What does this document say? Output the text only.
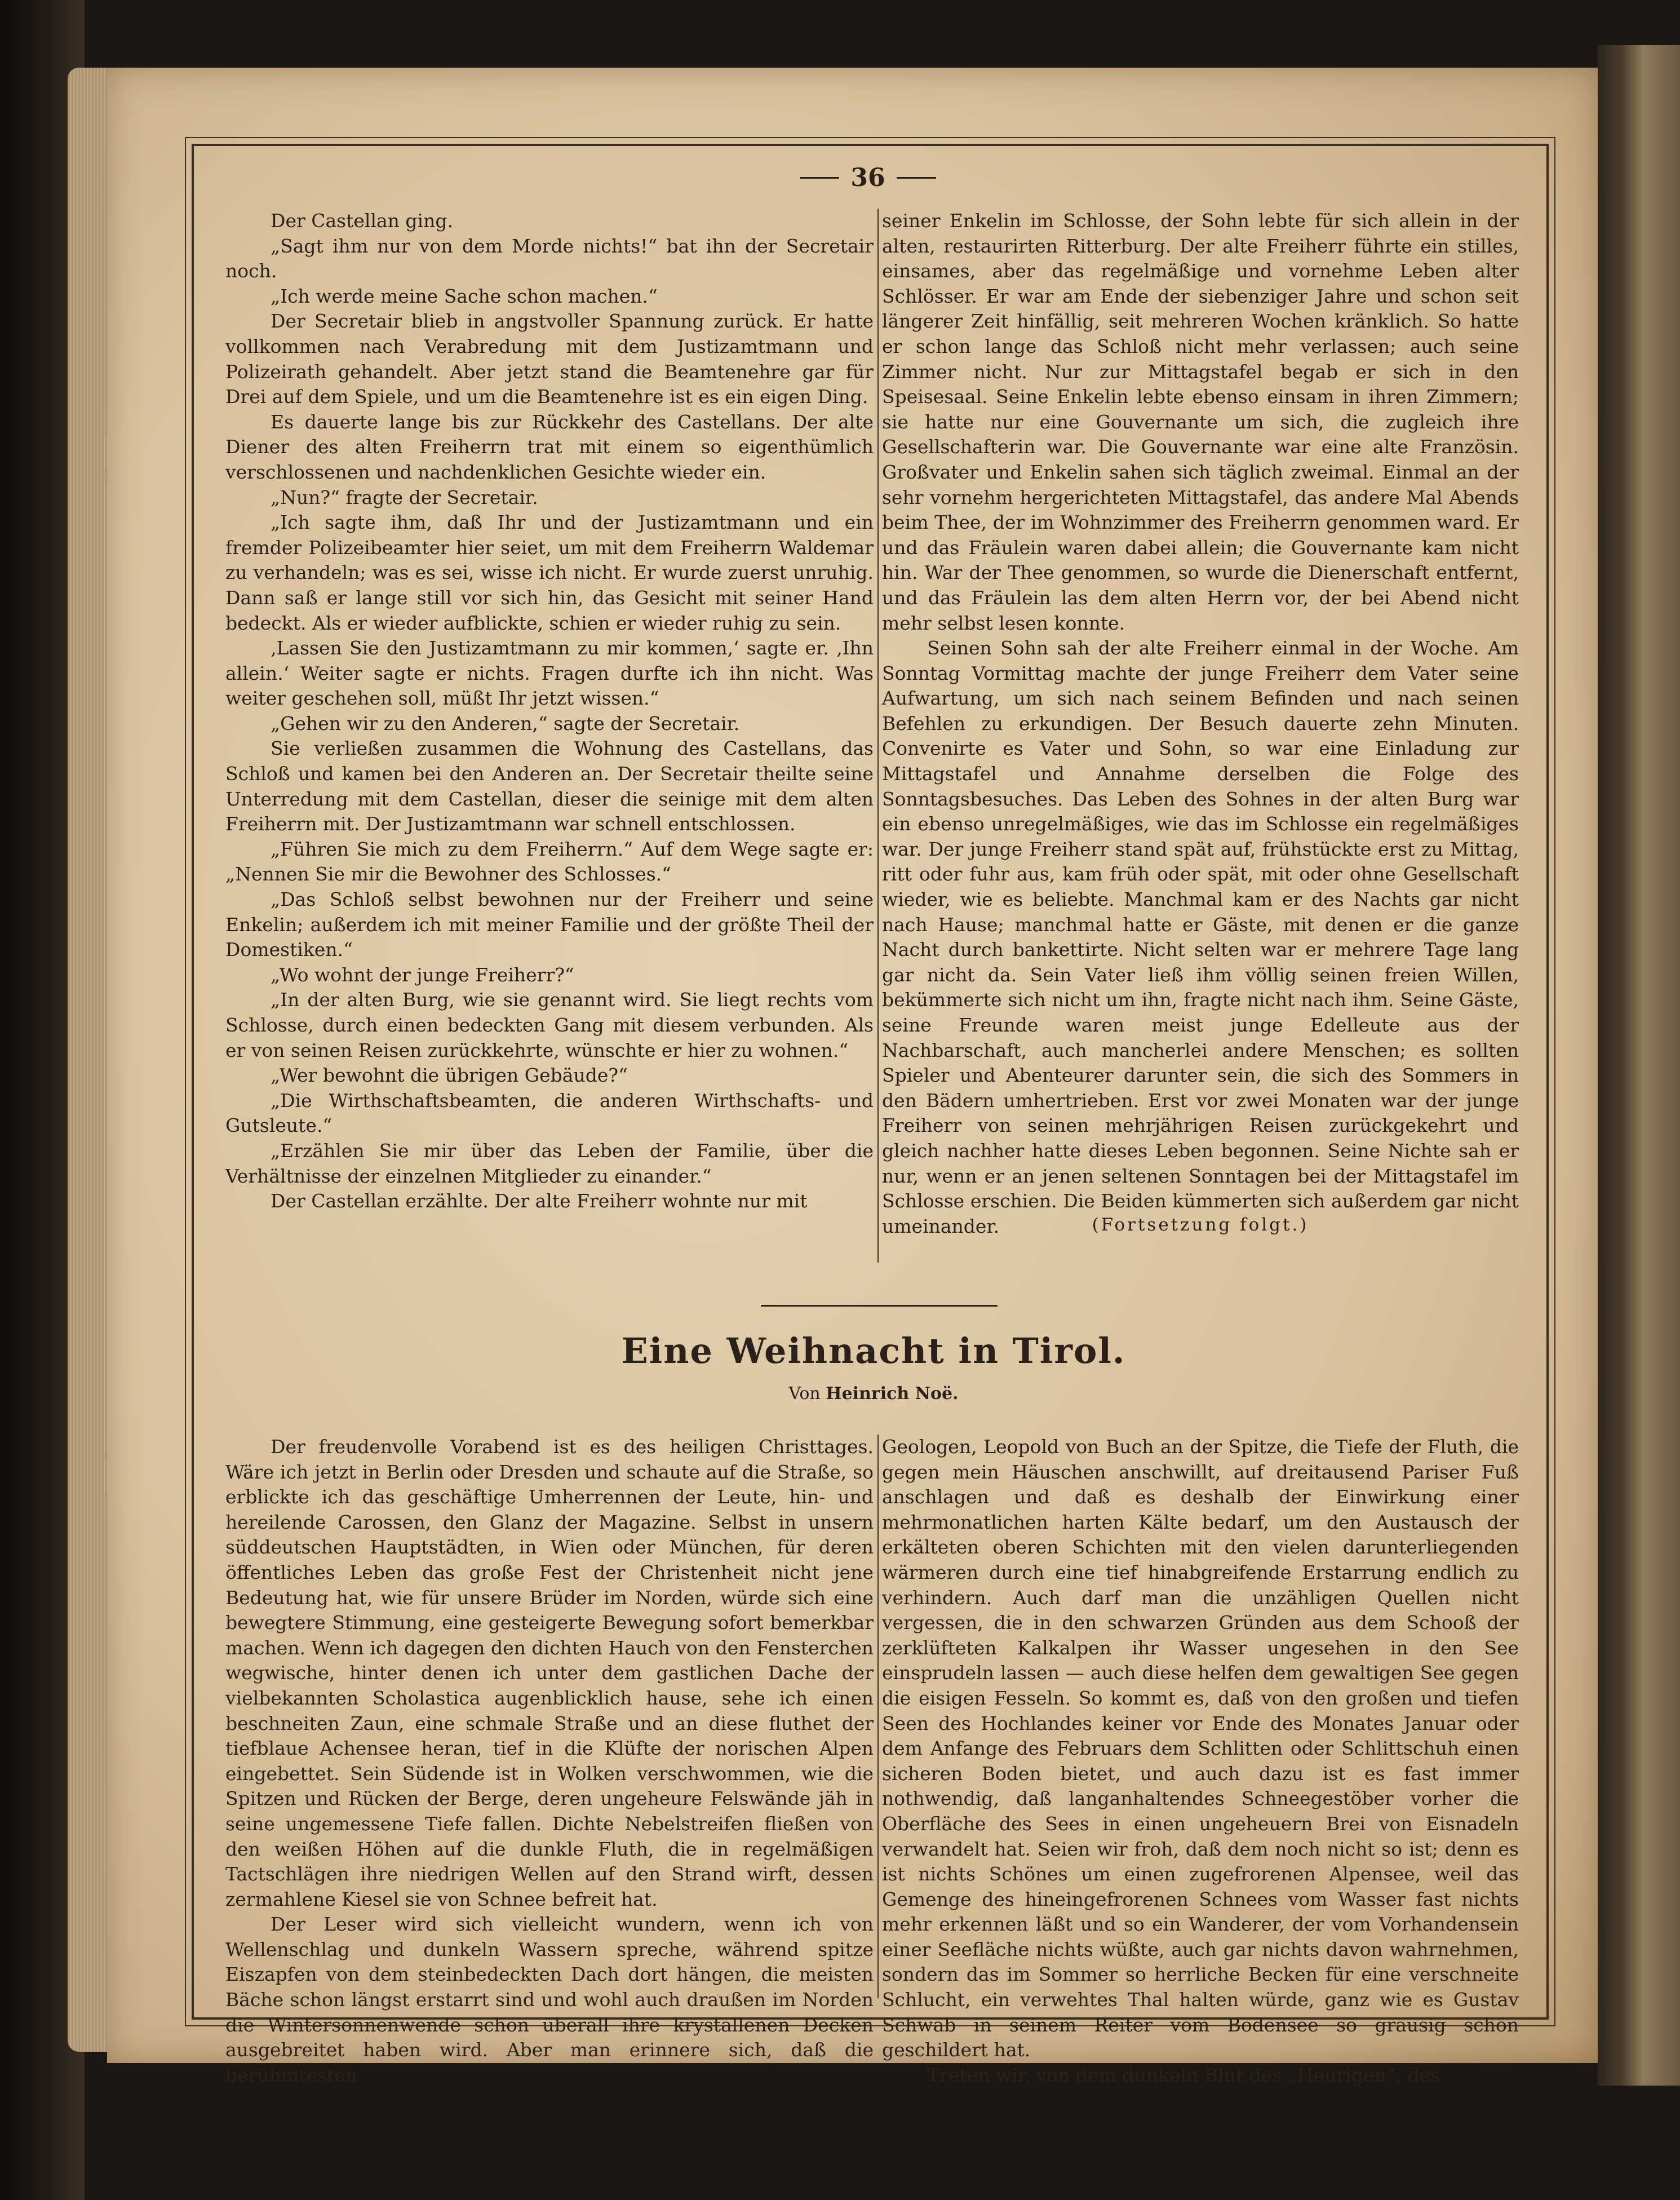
36

Der Castellan ging.

„Sagt ihm nur von dem Morde nichts!“ bat ihn der Secretair noch.

„Ich werde meine Sache schon machen.“

Der Secretair blieb in angstvoller Spannung zurück. Er hatte vollkommen nach Verabredung mit dem Justizamtmann und Polizeirath gehandelt. Aber jetzt stand die Beamtenehre gar für Drei auf dem Spiele, und um die Beamtenehre ist es ein eigen Ding.

Es dauerte lange bis zur Rückkehr des Castellans. Der alte Diener des alten Freiherrn trat mit einem so eigenthümlich verschlossenen und nachdenklichen Gesichte wieder ein.

„Nun?“ fragte der Secretair.

„Ich sagte ihm, daß Ihr und der Justizamtmann und ein fremder Polizeibeamter hier seiet, um mit dem Freiherrn Waldemar zu verhandeln; was es sei, wisse ich nicht. Er wurde zuerst unruhig. Dann saß er lange still vor sich hin, das Gesicht mit seiner Hand bedeckt. Als er wieder aufblickte, schien er wieder ruhig zu sein.

‚Lassen Sie den Justizamtmann zu mir kommen,‘ sagte er. ‚Ihn allein.‘ Weiter sagte er nichts. Fragen durfte ich ihn nicht. Was weiter geschehen soll, müßt Ihr jetzt wissen.“

„Gehen wir zu den Anderen,“ sagte der Secretair.

Sie verließen zusammen die Wohnung des Castellans, das Schloß und kamen bei den Anderen an. Der Secretair theilte seine Unterredung mit dem Castellan, dieser die seinige mit dem alten Freiherrn mit. Der Justizamtmann war schnell entschlossen.

„Führen Sie mich zu dem Freiherrn.“ Auf dem Wege sagte er: „Nennen Sie mir die Bewohner des Schlosses.“

„Das Schloß selbst bewohnen nur der Freiherr und seine Enkelin; außerdem ich mit meiner Familie und der größte Theil der Domestiken.“

„Wo wohnt der junge Freiherr?“

„In der alten Burg, wie sie genannt wird. Sie liegt rechts vom Schlosse, durch einen bedeckten Gang mit diesem verbunden. Als er von seinen Reisen zurückkehrte, wünschte er hier zu wohnen.“

„Wer bewohnt die übrigen Gebäude?“

„Die Wirthschaftsbeamten, die anderen Wirthschafts- und Gutsleute.“

„Erzählen Sie mir über das Leben der Familie, über die Verhältnisse der einzelnen Mitglieder zu einander.“

Der Castellan erzählte. Der alte Freiherr wohnte nur mit

seiner Enkelin im Schlosse, der Sohn lebte für sich allein in der alten, restaurirten Ritterburg. Der alte Freiherr führte ein stilles, einsames, aber das regelmäßige und vornehme Leben alter Schlösser. Er war am Ende der siebenziger Jahre und schon seit längerer Zeit hinfällig, seit mehreren Wochen kränklich. So hatte er schon lange das Schloß nicht mehr verlassen; auch seine Zimmer nicht. Nur zur Mittagstafel begab er sich in den Speisesaal. Seine Enkelin lebte ebenso einsam in ihren Zimmern; sie hatte nur eine Gouvernante um sich, die zugleich ihre Gesellschafterin war. Die Gouvernante war eine alte Französin. Großvater und Enkelin sahen sich täglich zweimal. Einmal an der sehr vornehm hergerichteten Mittagstafel, das andere Mal Abends beim Thee, der im Wohnzimmer des Freiherrn genommen ward. Er und das Fräulein waren dabei allein; die Gouvernante kam nicht hin. War der Thee genommen, so wurde die Dienerschaft entfernt, und das Fräulein las dem alten Herrn vor, der bei Abend nicht mehr selbst lesen konnte.

Seinen Sohn sah der alte Freiherr einmal in der Woche. Am Sonntag Vormittag machte der junge Freiherr dem Vater seine Aufwartung, um sich nach seinem Befinden und nach seinen Befehlen zu erkundigen. Der Besuch dauerte zehn Minuten. Convenirte es Vater und Sohn, so war eine Einladung zur Mittagstafel und Annahme derselben die Folge des Sonntagsbesuches. Das Leben des Sohnes in der alten Burg war ein ebenso unregelmäßiges, wie das im Schlosse ein regelmäßiges war. Der junge Freiherr stand spät auf, frühstückte erst zu Mittag, ritt oder fuhr aus, kam früh oder spät, mit oder ohne Gesellschaft wieder, wie es beliebte. Manchmal kam er des Nachts gar nicht nach Hause; manchmal hatte er Gäste, mit denen er die ganze Nacht durch bankettirte. Nicht selten war er mehrere Tage lang gar nicht da. Sein Vater ließ ihm völlig seinen freien Willen, bekümmerte sich nicht um ihn, fragte nicht nach ihm. Seine Gäste, seine Freunde waren meist junge Edelleute aus der Nachbarschaft, auch mancherlei andere Menschen; es sollten Spieler und Abenteurer darunter sein, die sich des Sommers in den Bädern umhertrieben. Erst vor zwei Monaten war der junge Freiherr von seinen mehrjährigen Reisen zurückgekehrt und gleich nachher hatte dieses Leben begonnen. Seine Nichte sah er nur, wenn er an jenen seltenen Sonntagen bei der Mittagstafel im Schlosse erschien. Die Beiden kümmerten sich außerdem gar nicht umeinander.	(Fortsetzung folgt.)
Eine Weihnacht in Tirol.
Von Heinrich Noë.

Der freudenvolle Vorabend ist es des heiligen Christtages. Wäre ich jetzt in Berlin oder Dresden und schaute auf die Straße, so erblickte ich das geschäftige Umherrennen der Leute, hin- und hereilende Carossen, den Glanz der Magazine. Selbst in unsern süddeutschen Hauptstädten, in Wien oder München, für deren öffentliches Leben das große Fest der Christenheit nicht jene Bedeutung hat, wie für unsere Brüder im Norden, würde sich eine bewegtere Stimmung, eine gesteigerte Bewegung sofort bemerkbar machen. Wenn ich dagegen den dichten Hauch von den Fensterchen wegwische, hinter denen ich unter dem gastlichen Dache der vielbekannten Scholastica augenblicklich hause, sehe ich einen beschneiten Zaun, eine schmale Straße und an diese fluthet der tiefblaue Achensee heran, tief in die Klüfte der norischen Alpen eingebettet. Sein Südende ist in Wolken verschwommen, wie die Spitzen und Rücken der Berge, deren ungeheure Felswände jäh in seine ungemessene Tiefe fallen. Dichte Nebelstreifen fließen von den weißen Höhen auf die dunkle Fluth, die in regelmäßigen Tactschlägen ihre niedrigen Wellen auf den Strand wirft, dessen zermahlene Kiesel sie von Schnee befreit hat.

Der Leser wird sich vielleicht wundern, wenn ich von Wellenschlag und dunkeln Wassern spreche, während spitze Eiszapfen von dem steinbedeckten Dach dort hängen, die meisten Bäche schon längst erstarrt sind und wohl auch draußen im Norden die Wintersonnenwende schon überall ihre krystallenen Decken ausgebreitet haben wird. Aber man erinnere sich, daß die berühmtesten

Geologen, Leopold von Buch an der Spitze, die Tiefe der Fluth, die gegen mein Häuschen anschwillt, auf dreitausend Pariser Fuß anschlagen und daß es deshalb der Einwirkung einer mehrmonatlichen harten Kälte bedarf, um den Austausch der erkälteten oberen Schichten mit den vielen darunterliegenden wärmeren durch eine tief hinabgreifende Erstarrung endlich zu verhindern. Auch darf man die unzähligen Quellen nicht vergessen, die in den schwarzen Gründen aus dem Schooß der zerklüfteten Kalkalpen ihr Wasser ungesehen in den See einsprudeln lassen — auch diese helfen dem gewaltigen See gegen die eisigen Fesseln. So kommt es, daß von den großen und tiefen Seen des Hochlandes keiner vor Ende des Monates Januar oder dem Anfange des Februars dem Schlitten oder Schlittschuh einen sicheren Boden bietet, und auch dazu ist es fast immer nothwendig, daß langanhaltendes Schneegestöber vorher die Oberfläche des Sees in einen ungeheuern Brei von Eisnadeln verwandelt hat. Seien wir froh, daß dem noch nicht so ist; denn es ist nichts Schönes um einen zugefrorenen Alpensee, weil das Gemenge des hineingefrorenen Schnees vom Wasser fast nichts mehr erkennen läßt und so ein Wanderer, der vom Vorhandensein einer Seefläche nichts wüßte, auch gar nichts davon wahrnehmen, sondern das im Sommer so herrliche Becken für eine verschneite Schlucht, ein verwehtes Thal halten würde, ganz wie es Gustav Schwab in seinem Reiter vom Bodensee so grausig schön geschildert hat.

Treten wir, von dem dunkeln Blut des „Heurigen“, des
